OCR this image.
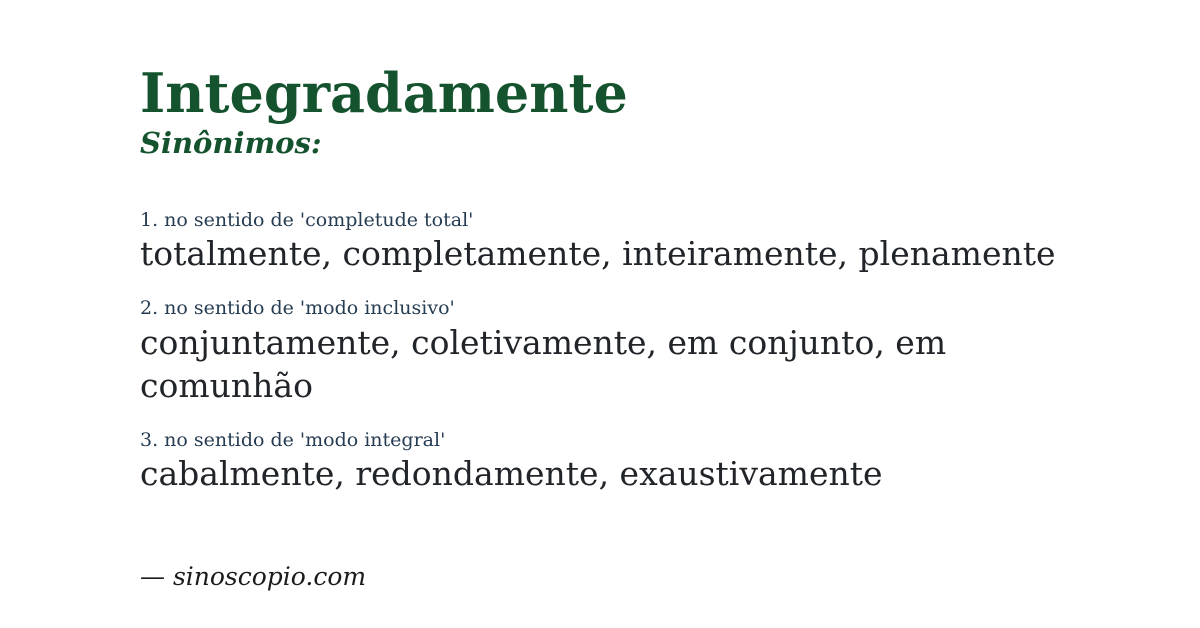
Integradamente
Sinônimos:
1. no sentido de 'completude total'
totalmente, completamente, inteiramente, plenamente
2. no sentido de 'modo inclusivo'
conjuntamente, coletivamente, em conjunto, em comunhão
3. no sentido de 'modo integral'
cabalmente, redondamente, exaustivamente
— sinoscopio.com
